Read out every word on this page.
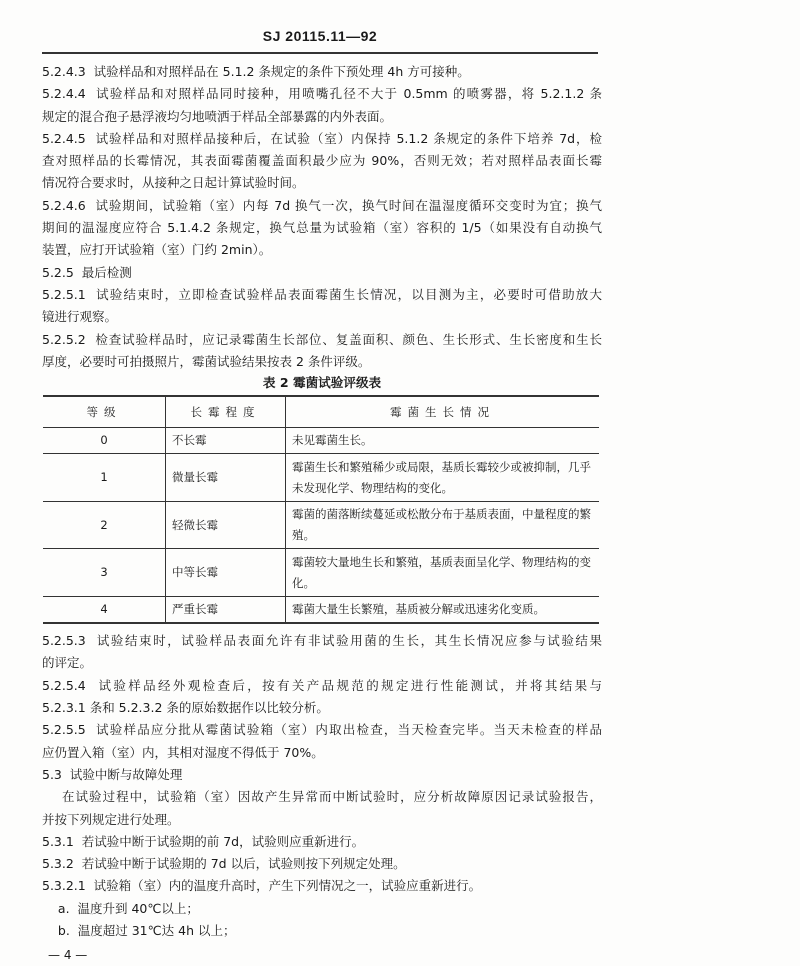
SJ 20115.11—92
5.2.4.3  试验样品和对照样品在 5.1.2 条规定的条件下预处理 4h 方可接种。
5.2.4.4  试验样品和对照样品同时接种，用喷嘴孔径不大于 0.5mm 的喷雾器，将 5.2.1.2 条
规定的混合孢子悬浮液均匀地喷洒于样品全部暴露的内外表面。
5.2.4.5  试验样品和对照样品接种后，在试验（室）内保持 5.1.2 条规定的条件下培养 7d，检
查对照样品的长霉情况，其表面霉菌覆盖面积最少应为 90%，否则无效；若对照样品表面长霉
情况符合要求时，从接种之日起计算试验时间。
5.2.4.6  试验期间，试验箱（室）内每 7d 换气一次，换气时间在温湿度循环交变时为宜；换气
期间的温湿度应符合 5.1.4.2 条规定，换气总量为试验箱（室）容积的 1/5（如果没有自动换气
装置，应打开试验箱（室）门约 2min）。
5.2.5  最后检测
5.2.5.1  试验结束时，立即检查试验样品表面霉菌生长情况，以目测为主，必要时可借助放大
镜进行观察。
5.2.5.2  检查试验样品时，应记录霉菌生长部位、复盖面积、颜色、生长形式、生长密度和生长
厚度，必要时可拍摄照片，霉菌试验结果按表 2 条件评级。
表 2 霉菌试验评级表
等级	长霉程度	霉菌生长情况
0	不长霉	未见霉菌生长。
1	微量长霉	霉菌生长和繁殖稀少或局限，基质长霉较少或被抑制，几乎未发现化学、物理结构的变化。
2	轻微长霉	霉菌的菌落断续蔓延或松散分布于基质表面，中量程度的繁殖。
3	中等长霉	霉菌较大量地生长和繁殖，基质表面呈化学、物理结构的变化。
4	严重长霉	霉菌大量生长繁殖，基质被分解或迅速劣化变质。
5.2.5.3  试验结束时，试验样品表面允许有非试验用菌的生长，其生长情况应参与试验结果
的评定。
5.2.5.4  试验样品经外观检查后，按有关产品规范的规定进行性能测试，并将其结果与
5.2.3.1 条和 5.2.3.2 条的原始数据作以比较分析。
5.2.5.5  试验样品应分批从霉菌试验箱（室）内取出检查，当天检查完毕。当天未检查的样品
应仍置入箱（室）内，其相对湿度不得低于 70%。
5.3  试验中断与故障处理
在试验过程中，试验箱（室）因故产生异常而中断试验时，应分析故障原因记录试验报告，
并按下列规定进行处理。
5.3.1  若试验中断于试验期的前 7d，试验则应重新进行。
5.3.2  若试验中断于试验期的 7d 以后，试验则按下列规定处理。
5.3.2.1  试验箱（室）内的温度升高时，产生下列情况之一，试验应重新进行。
a.  温度升到 40℃以上；
b.  温度超过 31℃达 4h 以上；
— 4 —
